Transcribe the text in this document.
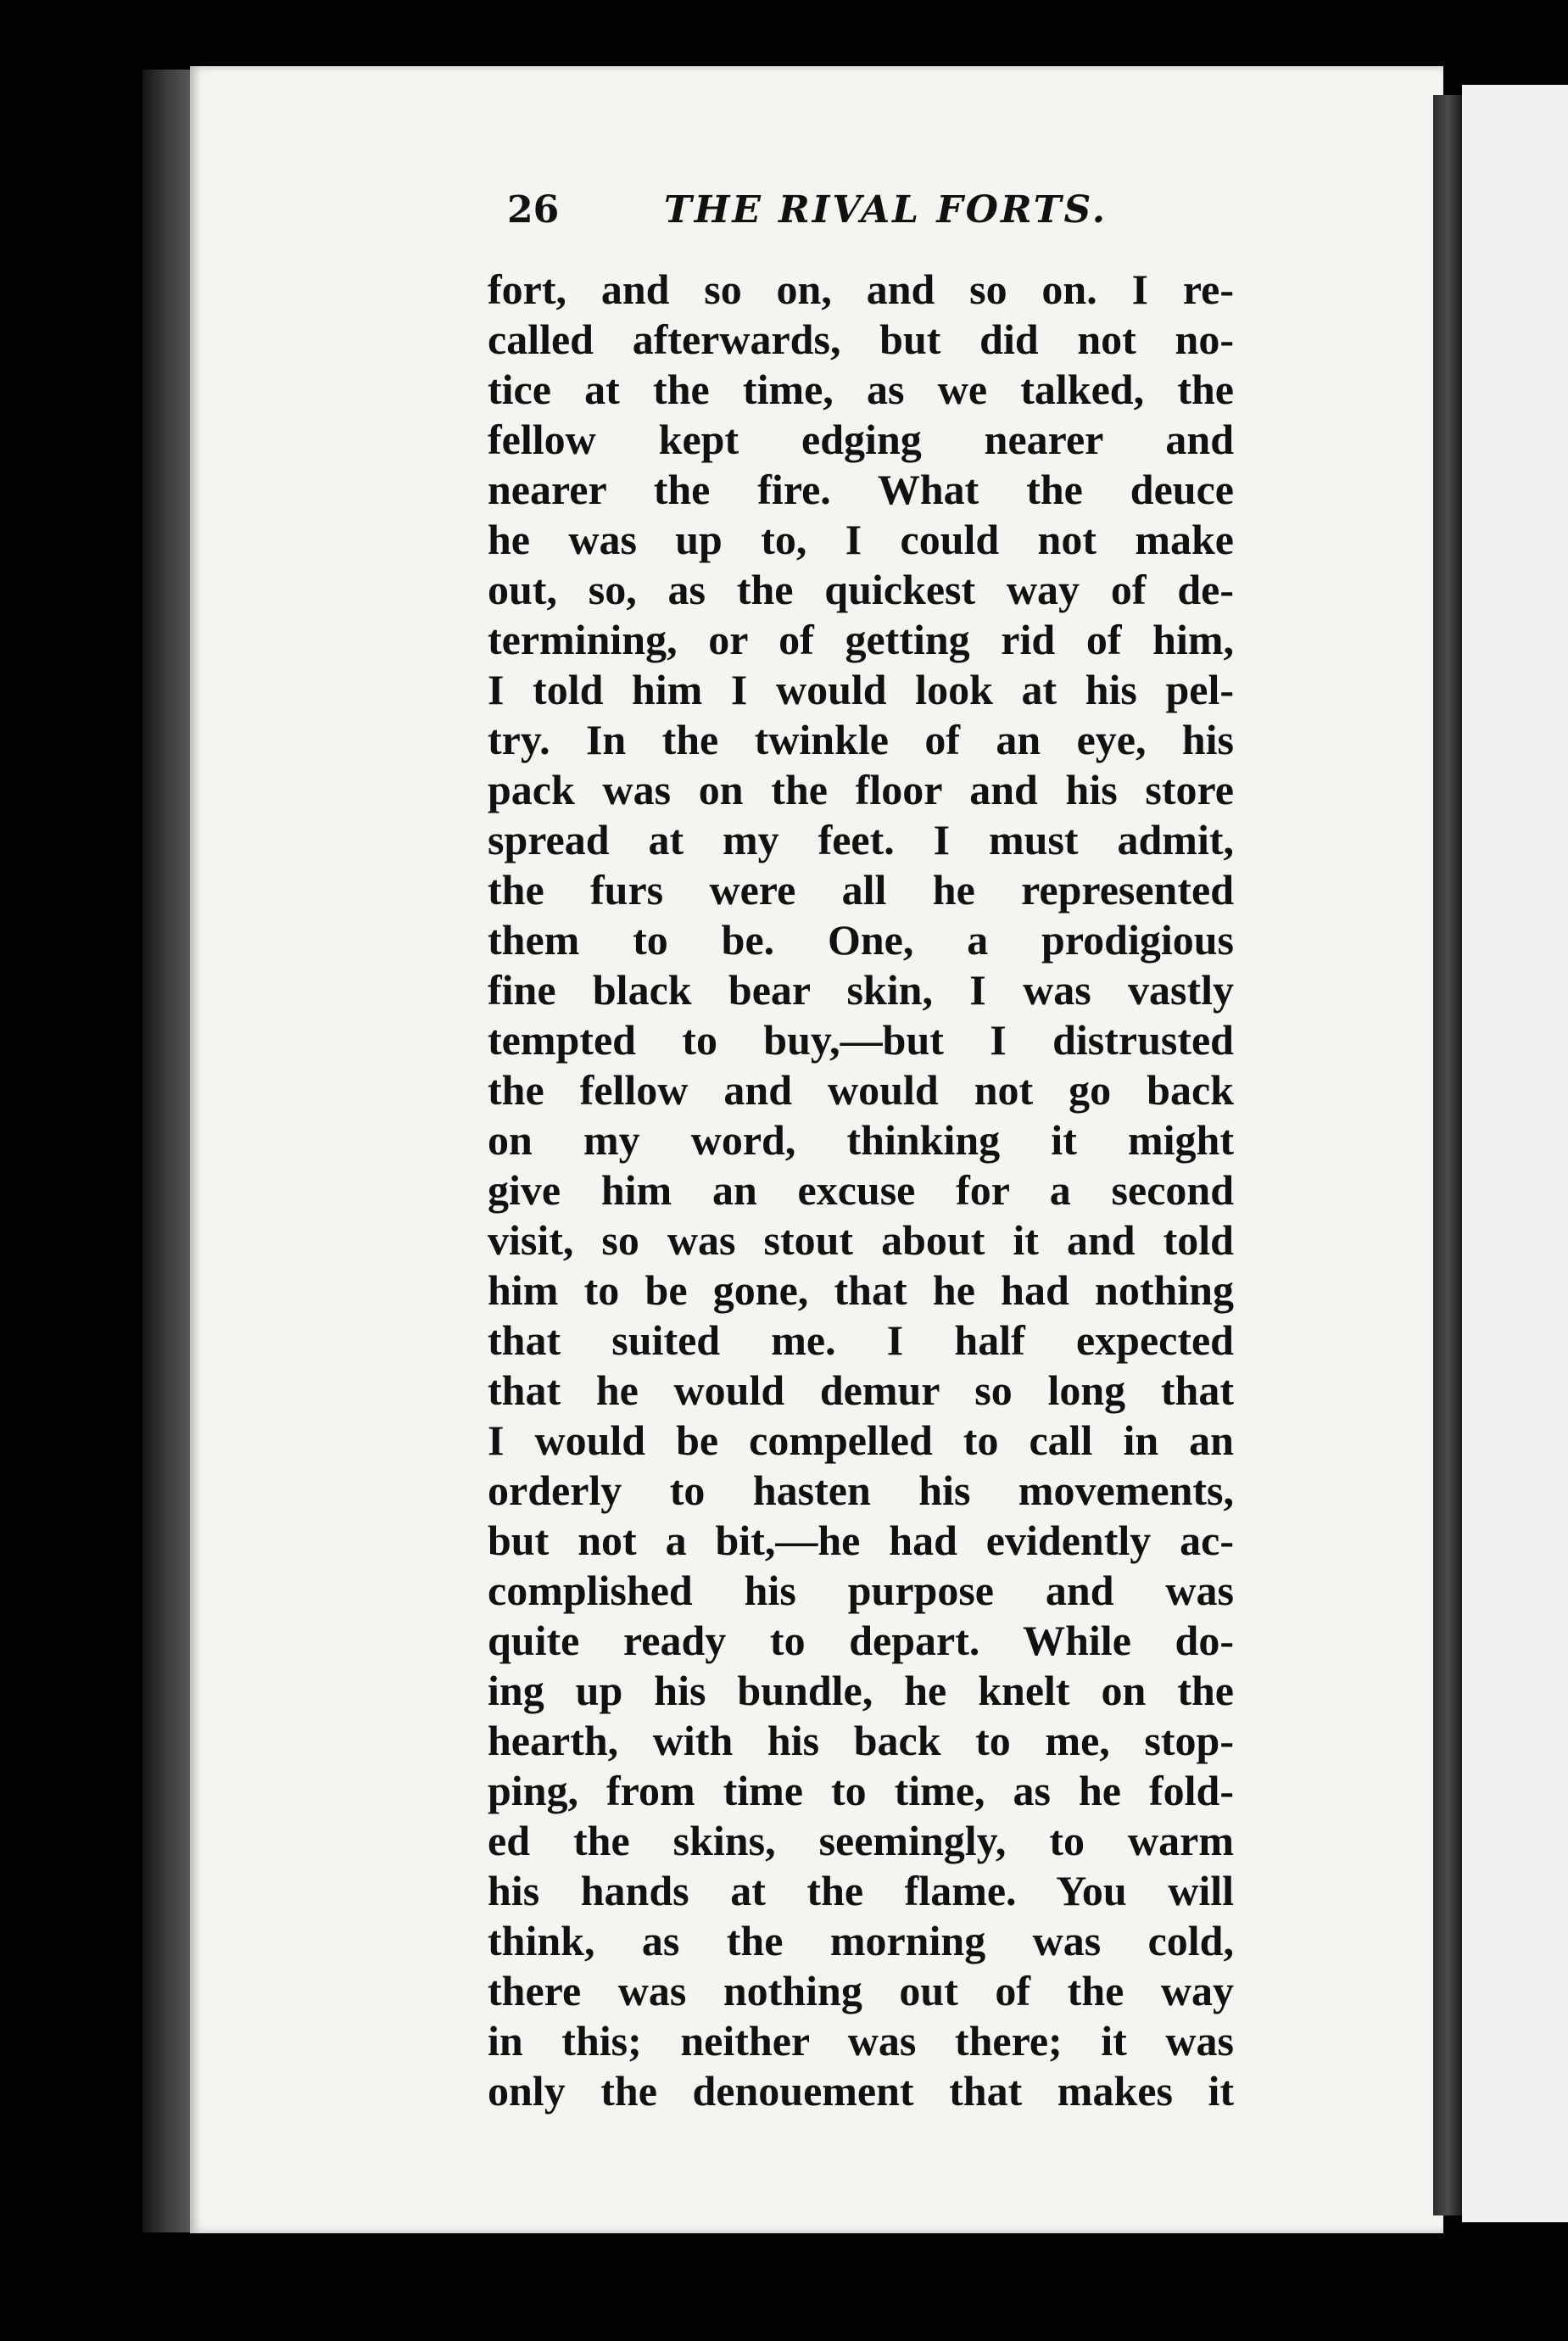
26	THE RIVAL FORTS.
fort, and so on, and so on. I re-
called afterwards, but did not no-
tice at the time, as we talked, the
fellow kept edging nearer and
nearer the fire. What the deuce
he was up to, I could not make
out, so, as the quickest way of de-
termining, or of getting rid of him,
I told him I would look at his pel-
try. In the twinkle of an eye, his
pack was on the floor and his store
spread at my feet. I must admit,
the furs were all he represented
them to be. One, a prodigious
fine black bear skin, I was vastly
tempted to buy,—but I distrusted
the fellow and would not go back
on my word, thinking it might
give him an excuse for a second
visit, so was stout about it and told
him to be gone, that he had nothing
that suited me. I half expected
that he would demur so long that
I would be compelled to call in an
orderly to hasten his movements,
but not a bit,—he had evidently ac-
complished his purpose and was
quite ready to depart. While do-
ing up his bundle, he knelt on the
hearth, with his back to me, stop-
ping, from time to time, as he fold-
ed the skins, seemingly, to warm
his hands at the flame. You will
think, as the morning was cold,
there was nothing out of the way
in this; neither was there; it was
only the denouement that makes it
